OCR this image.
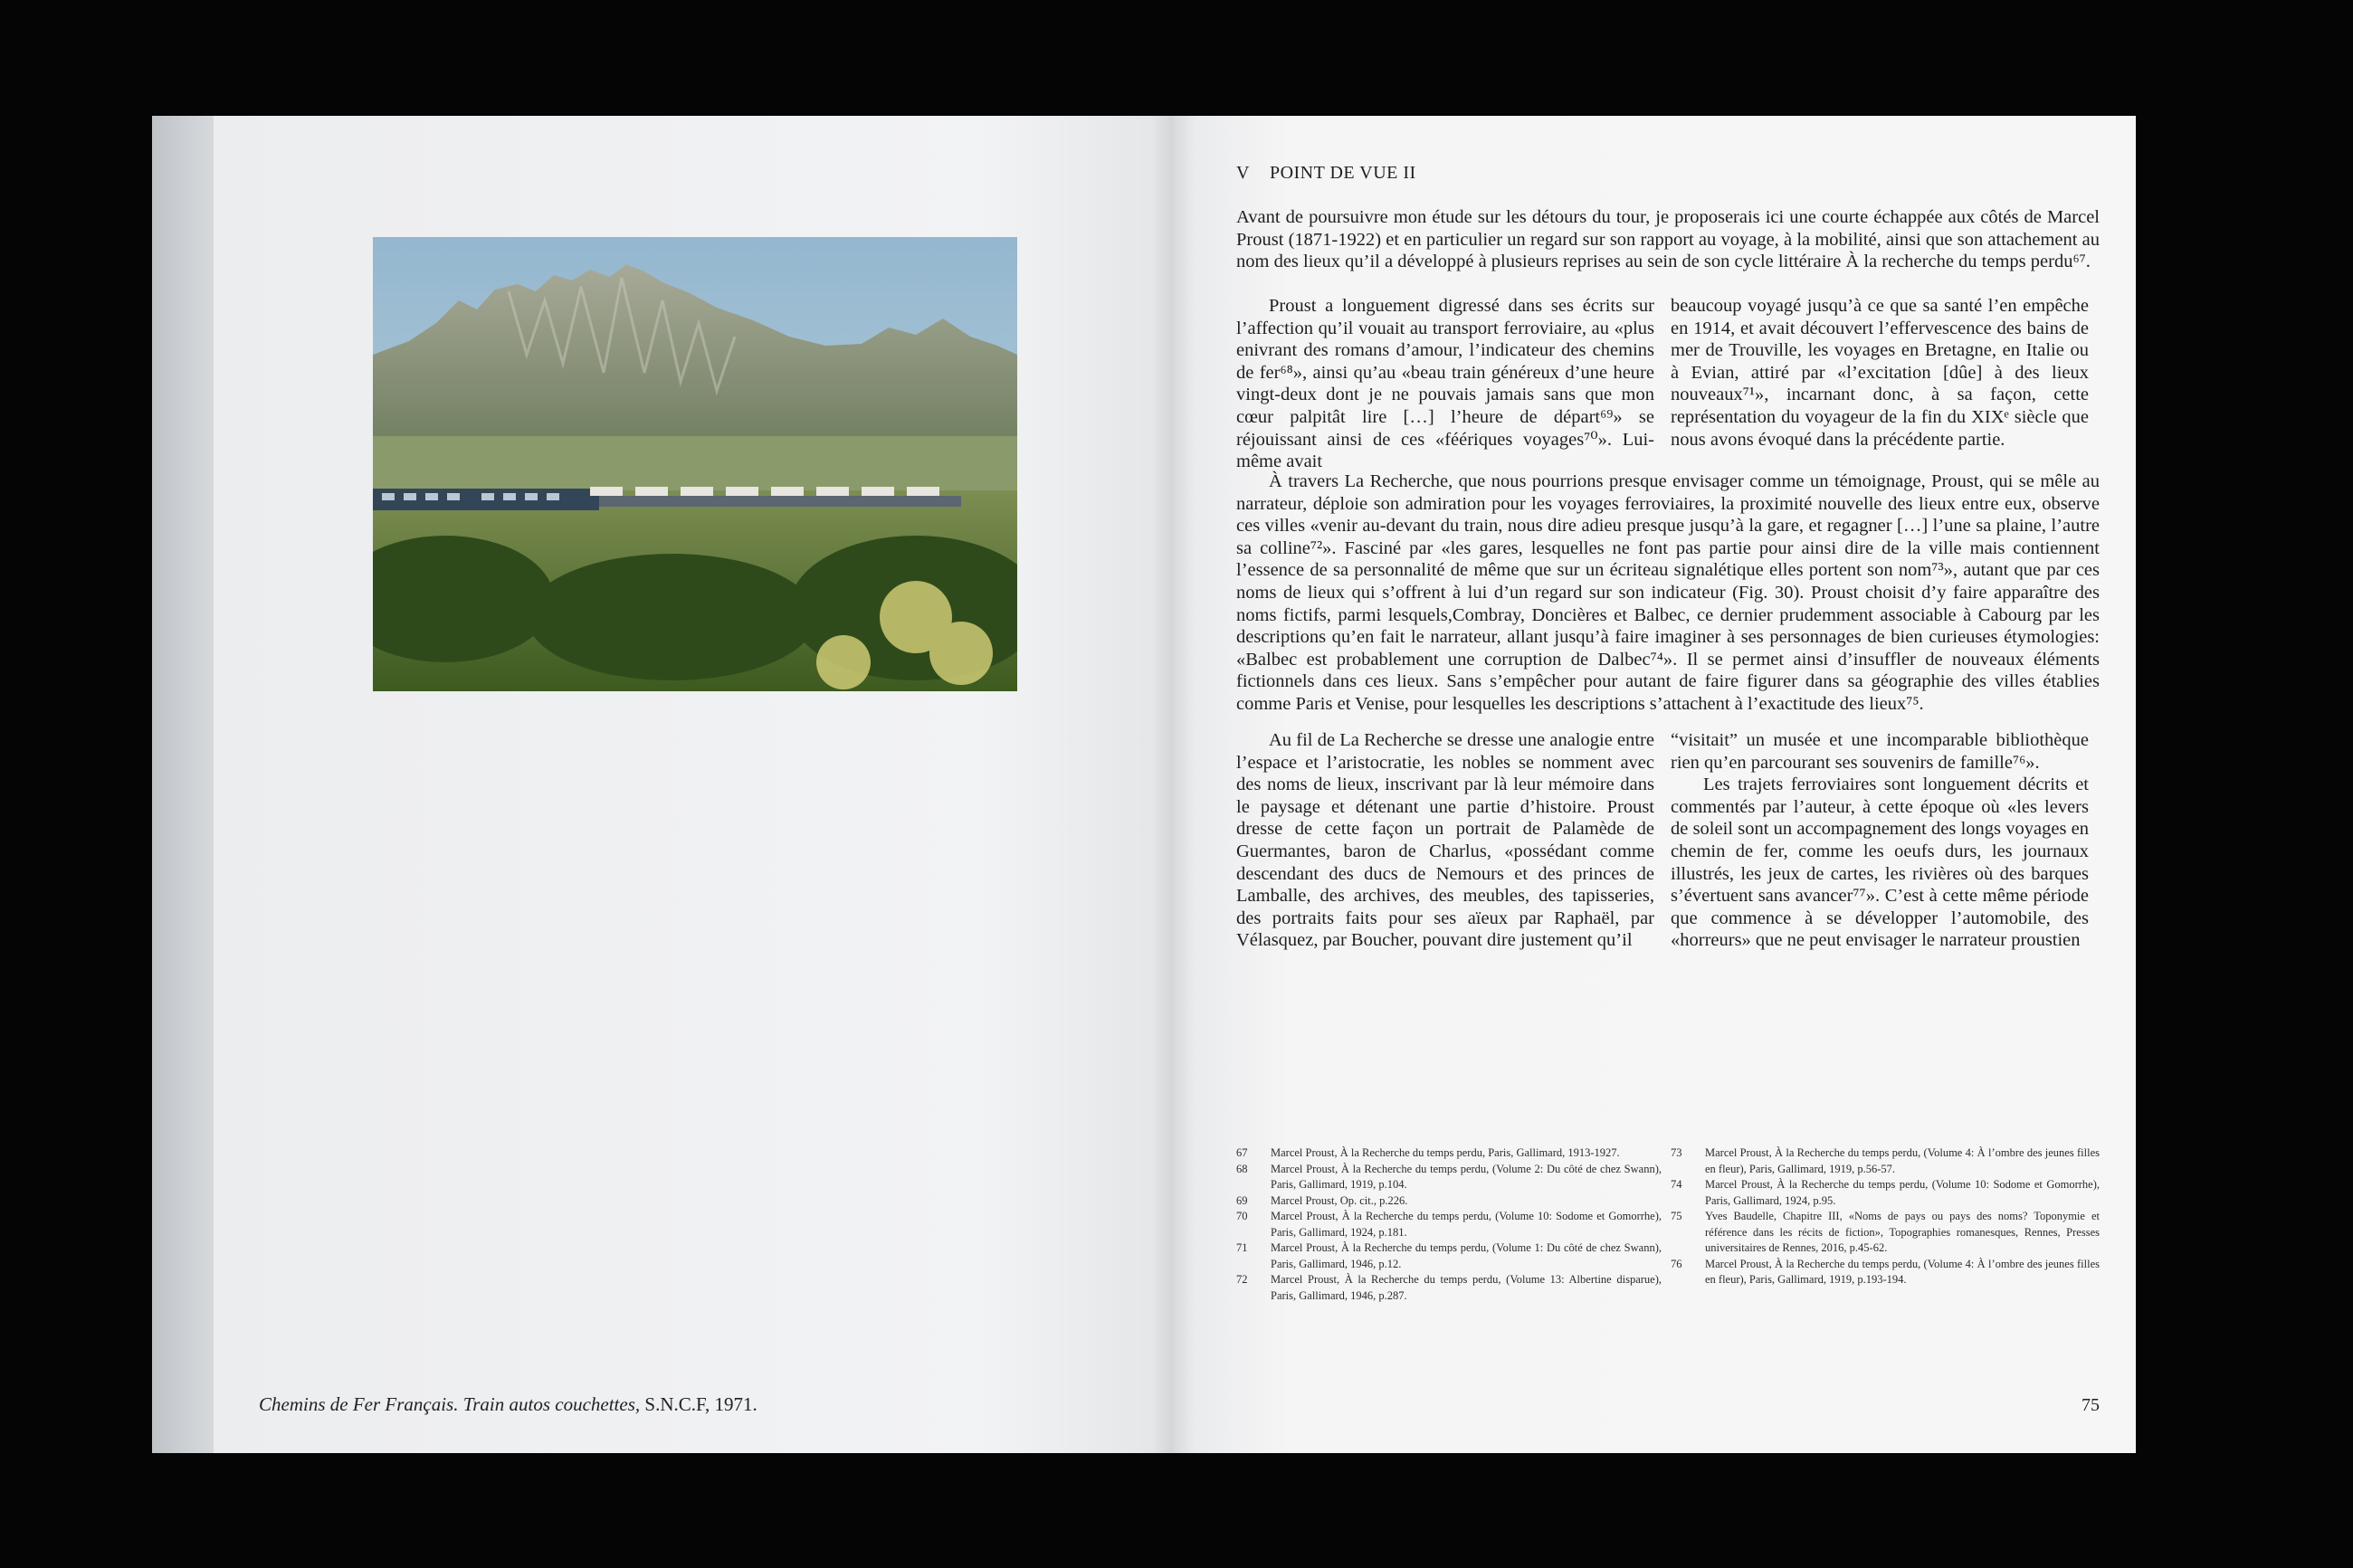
Chemins de Fer Français. Train autos couchettes, S.N.C.F, 1971.
V POINT DE VUE II

Avant de poursuivre mon étude sur les détours du tour, je proposerais ici une courte échappée aux côtés de Marcel Proust (1871-1922) et en particulier un regard sur son rapport au voyage, à la mobilité, ainsi que son attachement au nom des lieux qu’il a développé à plusieurs reprises au sein de son cycle littéraire À la recherche du temps perdu⁶⁷.

Proust a longuement digressé dans ses écrits sur l’affection qu’il vouait au transport ferroviaire, au «plus enivrant des romans d’amour, l’indicateur des chemins de fer⁶⁸», ainsi qu’au «beau train généreux d’une heure vingt-deux dont je ne pouvais jamais sans que mon cœur palpitât lire […] l’heure de départ⁶⁹» se réjouissant ainsi de ces «féériques voyages⁷⁰». Lui-même avait

beaucoup voyagé jusqu’à ce que sa santé l’en empêche en 1914, et avait découvert l’effervescence des bains de mer de Trouville, les voyages en Bretagne, en Italie ou à Evian, attiré par «l’excitation [dûe] à des lieux nouveaux⁷¹», incarnant donc, à sa façon, cette représentation du voyageur de la fin du XIXᵉ siècle que nous avons évoqué dans la précédente partie.

À travers La Recherche, que nous pourrions presque envisager comme un témoignage, Proust, qui se mêle au narrateur, déploie son admiration pour les voyages ferroviaires, la proximité nouvelle des lieux entre eux, observe ces villes «venir au-devant du train, nous dire adieu presque jusqu’à la gare, et regagner […] l’une sa plaine, l’autre sa colline⁷²». Fasciné par «les gares, lesquelles ne font pas partie pour ainsi dire de la ville mais contiennent l’essence de sa personnalité de même que sur un écriteau signalétique elles portent son nom⁷³», autant que par ces noms de lieux qui s’offrent à lui d’un regard sur son indicateur (Fig. 30). Proust choisit d’y faire apparaître des noms fictifs, parmi lesquels,Combray, Doncières et Balbec, ce dernier prudemment associable à Cabourg par les descriptions qu’en fait le narrateur, allant jusqu’à faire imaginer à ses personnages de bien curieuses étymologies: «Balbec est probablement une corruption de Dalbec⁷⁴». Il se permet ainsi d’insuffler de nouveaux éléments fictionnels dans ces lieux. Sans s’empêcher pour autant de faire figurer dans sa géographie des villes établies comme Paris et Venise, pour lesquelles les descriptions s’attachent à l’exactitude des lieux⁷⁵.

Au fil de La Recherche se dresse une analogie entre l’espace et l’aristocratie, les nobles se nomment avec des noms de lieux, inscrivant par là leur mémoire dans le paysage et détenant une partie d’histoire. Proust dresse de cette façon un portrait de Palamède de Guermantes, baron de Charlus, «possédant comme descendant des ducs de Nemours et des princes de Lamballe, des archives, des meubles, des tapisseries, des portraits faits pour ses aïeux par Raphaël, par Vélasquez, par Boucher, pouvant dire justement qu’il

“visitait” un musée et une incomparable bibliothèque rien qu’en parcourant ses souvenirs de famille⁷⁶».

Les trajets ferroviaires sont longuement décrits et commentés par l’auteur, à cette époque où «les levers de soleil sont un accompagnement des longs voyages en chemin de fer, comme les oeufs durs, les journaux illustrés, les jeux de cartes, les rivières où des barques s’évertuent sans avancer⁷⁷». C’est à cette même période que commence à se développer l’automobile, des «horreurs» que ne peut envisager le narrateur proustien

67	Marcel Proust, À la Recherche du temps perdu, Paris, Gallimard, 1913-1927.
68	Marcel Proust, À la Recherche du temps perdu, (Volume 2: Du côté de chez Swann), Paris, Gallimard, 1919, p.104.
69	Marcel Proust, Op. cit., p.226.
70	Marcel Proust, À la Recherche du temps perdu, (Volume 10: Sodome et Gomorrhe), Paris, Gallimard, 1924, p.181.
71	Marcel Proust, À la Recherche du temps perdu, (Volume 1: Du côté de chez Swann), Paris, Gallimard, 1946, p.12.
72	Marcel Proust, À la Recherche du temps perdu, (Volume 13: Albertine disparue), Paris, Gallimard, 1946, p.287.
73	Marcel Proust, À la Recherche du temps perdu, (Volume 4: À l’ombre des jeunes filles en fleur), Paris, Gallimard, 1919, p.56-57.
74	Marcel Proust, À la Recherche du temps perdu, (Volume 10: Sodome et Gomorrhe), Paris, Gallimard, 1924, p.95.
75	Yves Baudelle, Chapitre III, «Noms de pays ou pays des noms? Toponymie et référence dans les récits de fiction», Topographies romanesques, Rennes, Presses universitaires de Rennes, 2016, p.45-62.
76	Marcel Proust, À la Recherche du temps perdu, (Volume 4: À l’ombre des jeunes filles en fleur), Paris, Gallimard, 1919, p.193-194.
75
